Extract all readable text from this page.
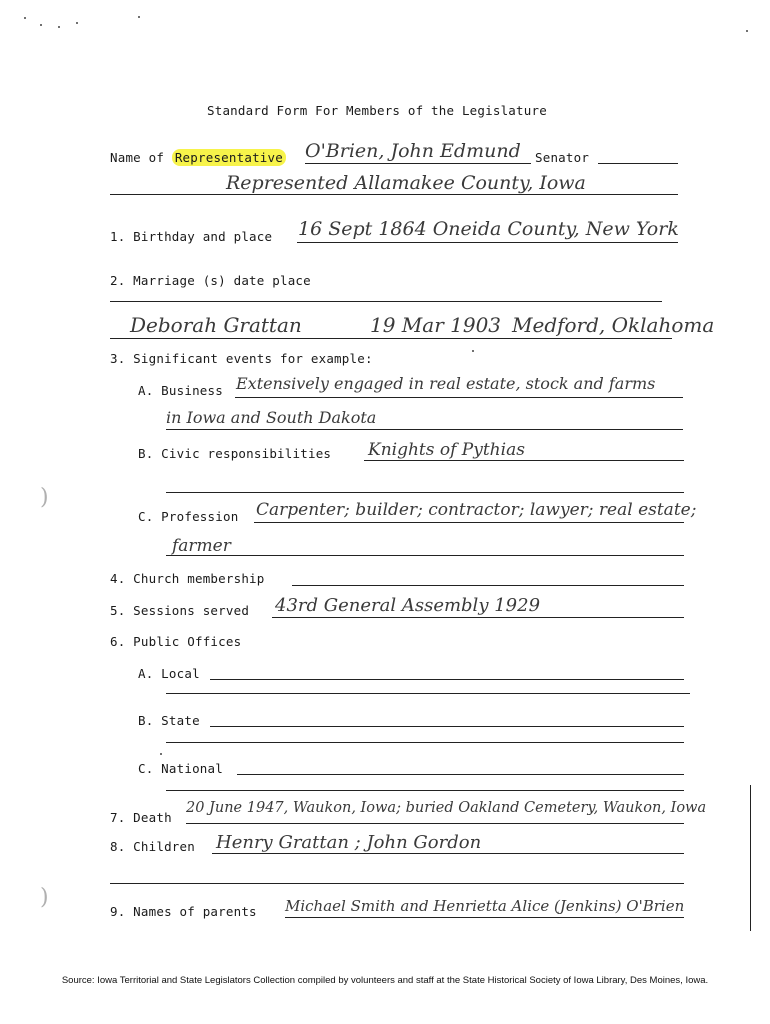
)
)
Standard Form For Members of the Legislature
Name of Representative O'Brien, John Edmund Senator
Represented Allamakee County, Iowa
1. Birthday and place 16 Sept 1864 Oneida County, New York
2. Marriage (s) date place
Deborah Grattan	19 Mar 1903 Medford, Oklahoma
3. Significant events for example:
A. Business Extensively engaged in real estate, stock and farms
in Iowa and South Dakota
B. Civic responsibilities Knights of Pythias
C. Profession Carpenter; builder; contractor; lawyer; real estate;
farmer
4. Church membership
5. Sessions served 43rd General Assembly 1929
6. Public Offices
A. Local
B. State
C. National
7. Death
20 June 1947, Waukon, Iowa; buried Oakland Cemetery, Waukon, Iowa
8. Children Henry Grattan ; John Gordon
9. Names of parents Michael Smith and Henrietta Alice (Jenkins) O'Brien
Source: Iowa Territorial and State Legislators Collection compiled by volunteers and staff at the State Historical Society of Iowa Library, Des Moines, Iowa.
